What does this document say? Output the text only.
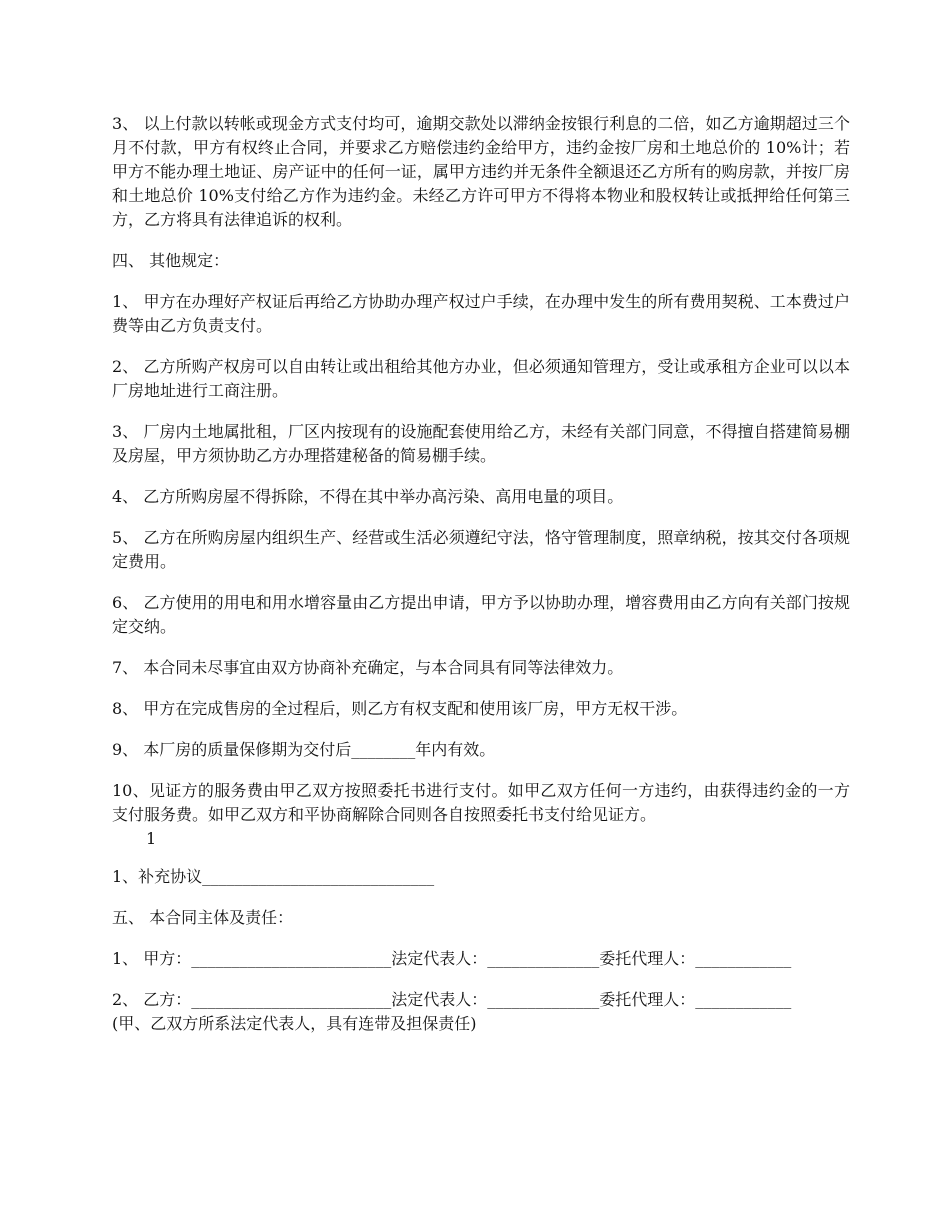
3、 以上付款以转帐或现金方式支付均可，逾期交款处以滞纳金按银行利息的二倍，如乙方逾期超过三个月不付款，甲方有权终止合同，并要求乙方赔偿违约金给甲方，违约金按厂房和土地总价的 10%计；若甲方不能办理土地证、房产证中的任何一证，属甲方违约并无条件全额退还乙方所有的购房款，并按厂房和土地总价 10%支付给乙方作为违约金。未经乙方许可甲方不得将本物业和股权转让或抵押给任何第三方，乙方将具有法律追诉的权利。

四、 其他规定：

1、 甲方在办理好产权证后再给乙方协助办理产权过户手续，在办理中发生的所有费用契税、工本费过户费等由乙方负责支付。

2、 乙方所购产权房可以自由转让或出租给其他方办业，但必须通知管理方，受让或承租方企业可以以本厂房地址进行工商注册。

3、 厂房内土地属批租，厂区内按现有的设施配套使用给乙方，未经有关部门同意，不得擅自搭建简易棚及房屋，甲方须协助乙方办理搭建秘备的简易棚手续。

4、 乙方所购房屋不得拆除，不得在其中举办高污染、高用电量的项目。

5、 乙方在所购房屋内组织生产、经营或生活必须遵纪守法，恪守管理制度，照章纳税，按其交付各项规定费用。

6、 乙方使用的用电和用水增容量由乙方提出申请，甲方予以协助办理，增容费用由乙方向有关部门按规定交纳。

7、 本合同未尽事宜由双方协商补充确定，与本合同具有同等法律效力。

8、 甲方在完成售房的全过程后，则乙方有权支配和使用该厂房，甲方无权干涉。

9、 本厂房的质量保修期为交付后________年内有效。

10、见证方的服务费由甲乙双方按照委托书进行支付。如甲乙双方任何一方违约，由获得违约金的一方支付服务费。如甲乙双方和平协商解除合同则各自按照委托书支付给见证方。

1

1、补充协议_____________________________

五、 本合同主体及责任：

1、 甲方：_________________________法定代表人：______________委托代理人：____________

2、 乙方：_________________________法定代表人：______________委托代理人：____________      (甲、乙双方所系法定代表人，具有连带及担保责任)
